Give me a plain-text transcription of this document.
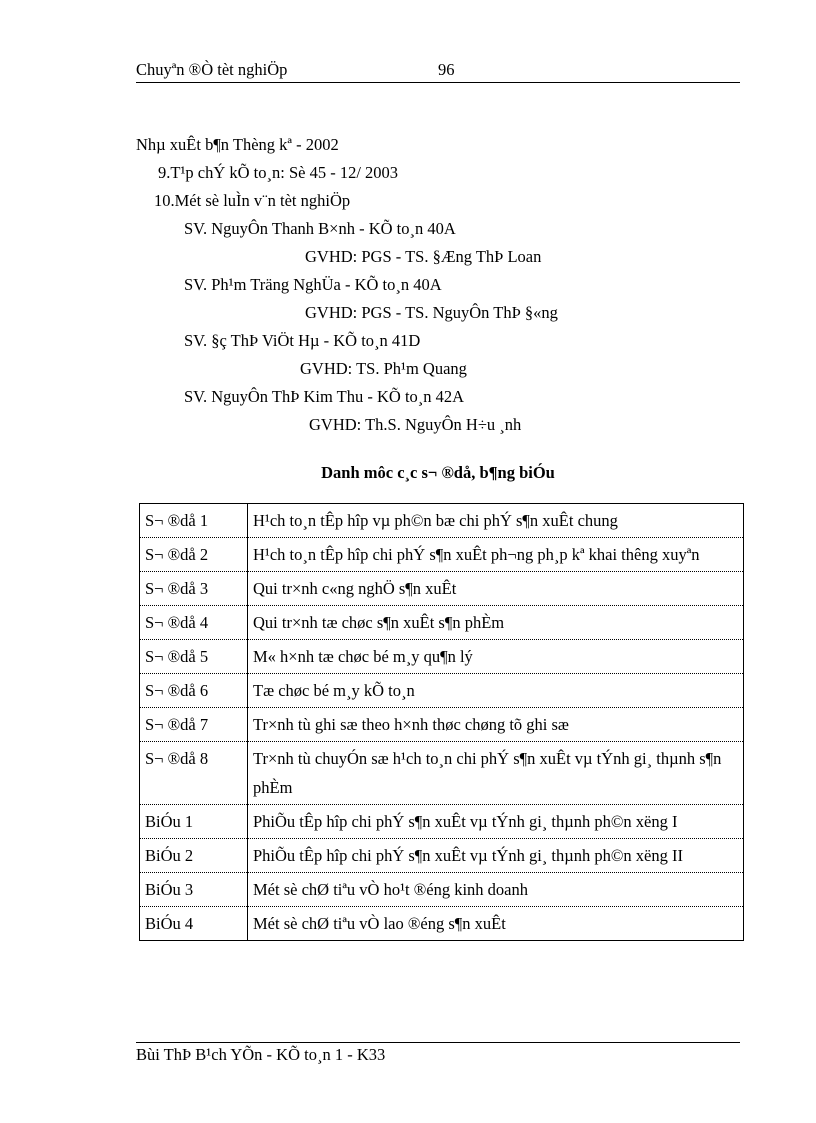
Chuyªn ®Ò tèt nghiÖp	96
Nhµ xuÊt b¶n Thèng kª - 2002
9.T¹p chÝ kÕ to¸n: Sè 45 - 12/ 2003
10.Mét sè luÌn v¨n tèt nghiÖp
SV. NguyÔn Thanh B×nh - KÕ to¸n 40A
GVHD: PGS - TS. §Æng ThÞ Loan
SV. Ph¹m Träng NghÜa - KÕ to¸n 40A
GVHD: PGS - TS. NguyÔn ThÞ §«ng
SV. §ç ThÞ ViÖt Hµ - KÕ to¸n 41D
GVHD: TS. Ph¹m Quang
SV. NguyÔn ThÞ Kim Thu - KÕ to¸n 42A
GVHD: Th.S. NguyÔn H÷u ¸nh
Danh môc c¸c s¬ ®då, b¶ng biÓu
S¬ ®då 1	H¹ch to¸n tÊp hîp vµ ph©n bæ chi phÝ s¶n xuÊt chung
S¬ ®då 2	H¹ch to¸n tÊp hîp chi phÝ s¶n xuÊt ph¬ng ph¸p kª khai thêng xuyªn
S¬ ®då 3	Qui tr×nh c«ng nghÖ s¶n xuÊt
S¬ ®då 4	Qui tr×nh tæ chøc s¶n xuÊt s¶n phÈm
S¬ ®då 5	M« h×nh tæ chøc bé m¸y qu¶n lý
S¬ ®då 6	Tæ chøc bé m¸y kÕ to¸n
S¬ ®då 7	Tr×nh tù ghi sæ theo h×nh thøc chøng tõ ghi sæ
S¬ ®då 8	Tr×nh tù chuyÓn sæ h¹ch to¸n chi phÝ s¶n xuÊt vµ tÝnh gi¸ thµnh s¶n phÈm
BiÓu 1	PhiÕu tÊp hîp chi phÝ s¶n xuÊt vµ tÝnh gi¸ thµnh ph©n xëng I
BiÓu 2	PhiÕu tÊp hîp chi phÝ s¶n xuÊt vµ tÝnh gi¸ thµnh ph©n xëng II
BiÓu 3	Mét sè chØ tiªu vÒ ho¹t ®éng kinh doanh
BiÓu 4	Mét sè chØ tiªu vÒ lao ®éng s¶n xuÊt
Bùi ThÞ B¹ch YÕn - KÕ to¸n 1 - K33
